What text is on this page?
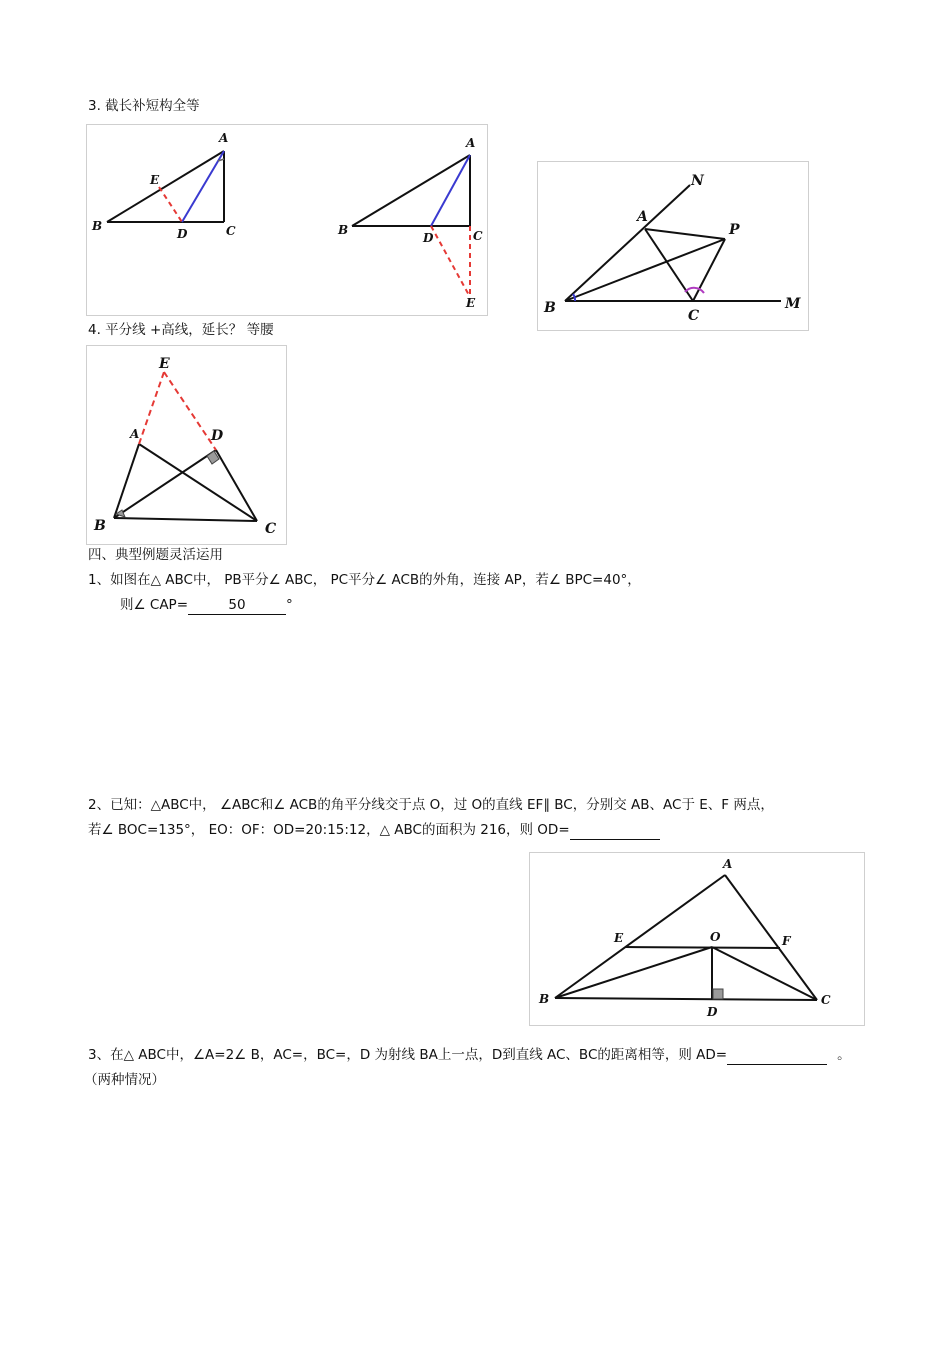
3. 截长补短构全等
A
E
B
D	C
A
B
D	C
E
N
A
P
B	C
M
4. 平分线 +高线，延长？ 等腰
E
A	D
B	C
四、典型例题灵活运用
1、如图在△ ABC中， PB平分∠ ABC， PC平分∠ ACB的外角，连接 AP，若∠ BPC=40°，
则∠ CAP=	50	°
2、已知：△ABC中， ∠ABC和∠ ACB的角平分线交于点 O，过 O的直线 EF∥ BC，分别交 AB、AC于 E、F 两点，
若∠ BOC=135°， EO：OF：OD=20:15:12，△ ABC的面积为 216，则 OD=
A
E	O	F
B
D
C
3、在△ ABC中，∠A=2∠ B，AC=，BC=，D 为射线 BA上一点，D到直线 AC、BC的距离相等，则 AD=	。
（两种情况）
